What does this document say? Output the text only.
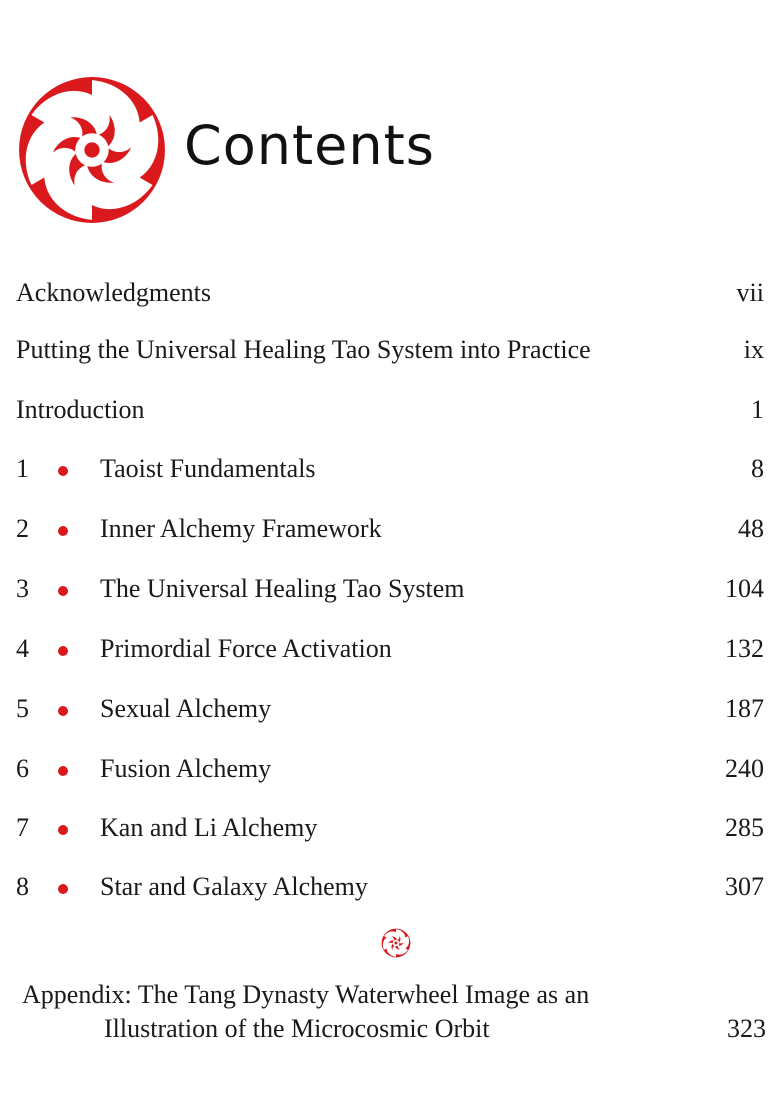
Contents
Acknowledgments	vii
Putting the Universal Healing Tao System into Practice	ix
Introduction	1
1	Taoist Fundamentals	8
2	Inner Alchemy Framework	48
3	The Universal Healing Tao System	104
4	Primordial Force Activation	132
5	Sexual Alchemy	187
6	Fusion Alchemy	240
7	Kan and Li Alchemy	285
8	Star and Galaxy Alchemy	307
Appendix: The Tang Dynasty Waterwheel Image as an
Illustration of the Microcosmic Orbit	323
